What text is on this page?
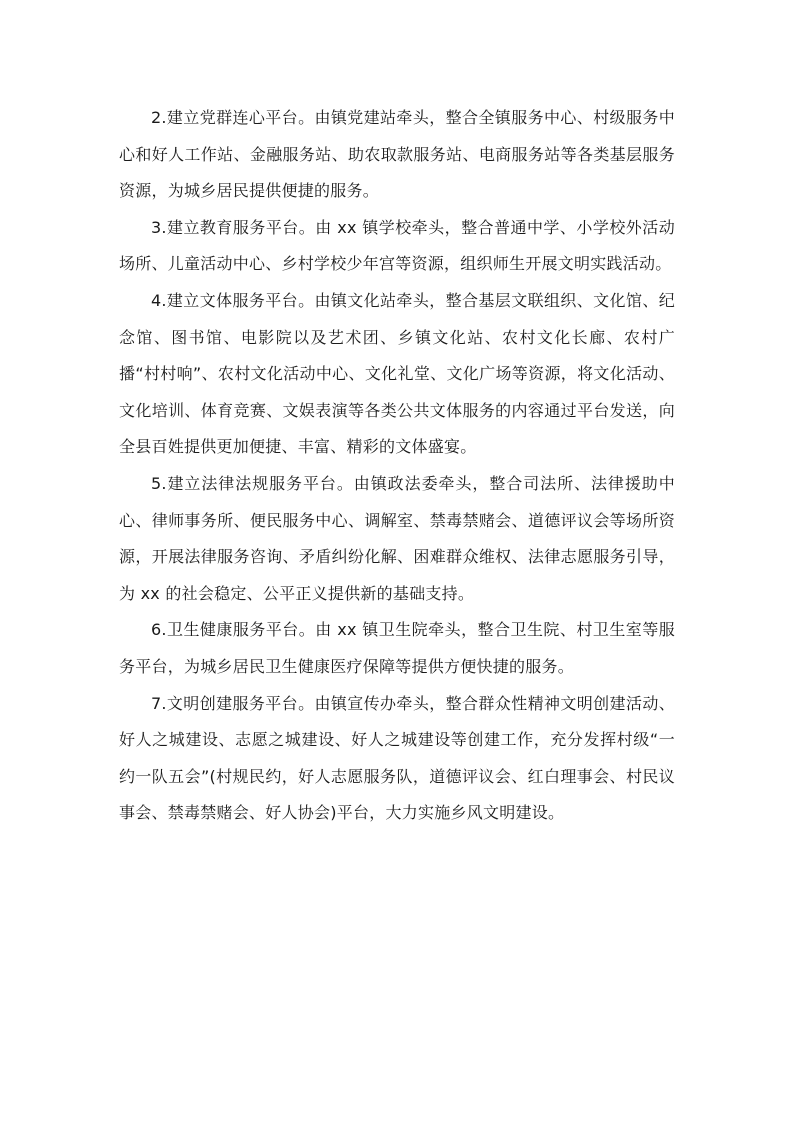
2.建立党群连心平台。由镇党建站牵头，整合全镇服务中心、村级服务中心和好人工作站、金融服务站、助农取款服务站、电商服务站等各类基层服务资源，为城乡居民提供便捷的服务。

3.建立教育服务平台。由 xx 镇学校牵头，整合普通中学、小学校外活动场所、儿童活动中心、乡村学校少年宫等资源，组织师生开展文明实践活动。

4.建立文体服务平台。由镇文化站牵头，整合基层文联组织、文化馆、纪念馆、图书馆、电影院以及艺术团、乡镇文化站、农村文化长廊、农村广播“村村响”、农村文化活动中心、文化礼堂、文化广场等资源，将文化活动、文化培训、体育竞赛、文娱表演等各类公共文体服务的内容通过平台发送，向全县百姓提供更加便捷、丰富、精彩的文体盛宴。

5.建立法律法规服务平台。由镇政法委牵头，整合司法所、法律援助中心、律师事务所、便民服务中心、调解室、禁毒禁赌会、道德评议会等场所资源，开展法律服务咨询、矛盾纠纷化解、困难群众维权、法律志愿服务引导，为 xx 的社会稳定、公平正义提供新的基础支持。

6.卫生健康服务平台。由 xx 镇卫生院牵头，整合卫生院、村卫生室等服务平台，为城乡居民卫生健康医疗保障等提供方便快捷的服务。

7.文明创建服务平台。由镇宣传办牵头，整合群众性精神文明创建活动、好人之城建设、志愿之城建设、好人之城建设等创建工作，充分发挥村级“一约一队五会”(村规民约，好人志愿服务队，道德评议会、红白理事会、村民议事会、禁毒禁赌会、好人协会)平台，大力实施乡风文明建设。
